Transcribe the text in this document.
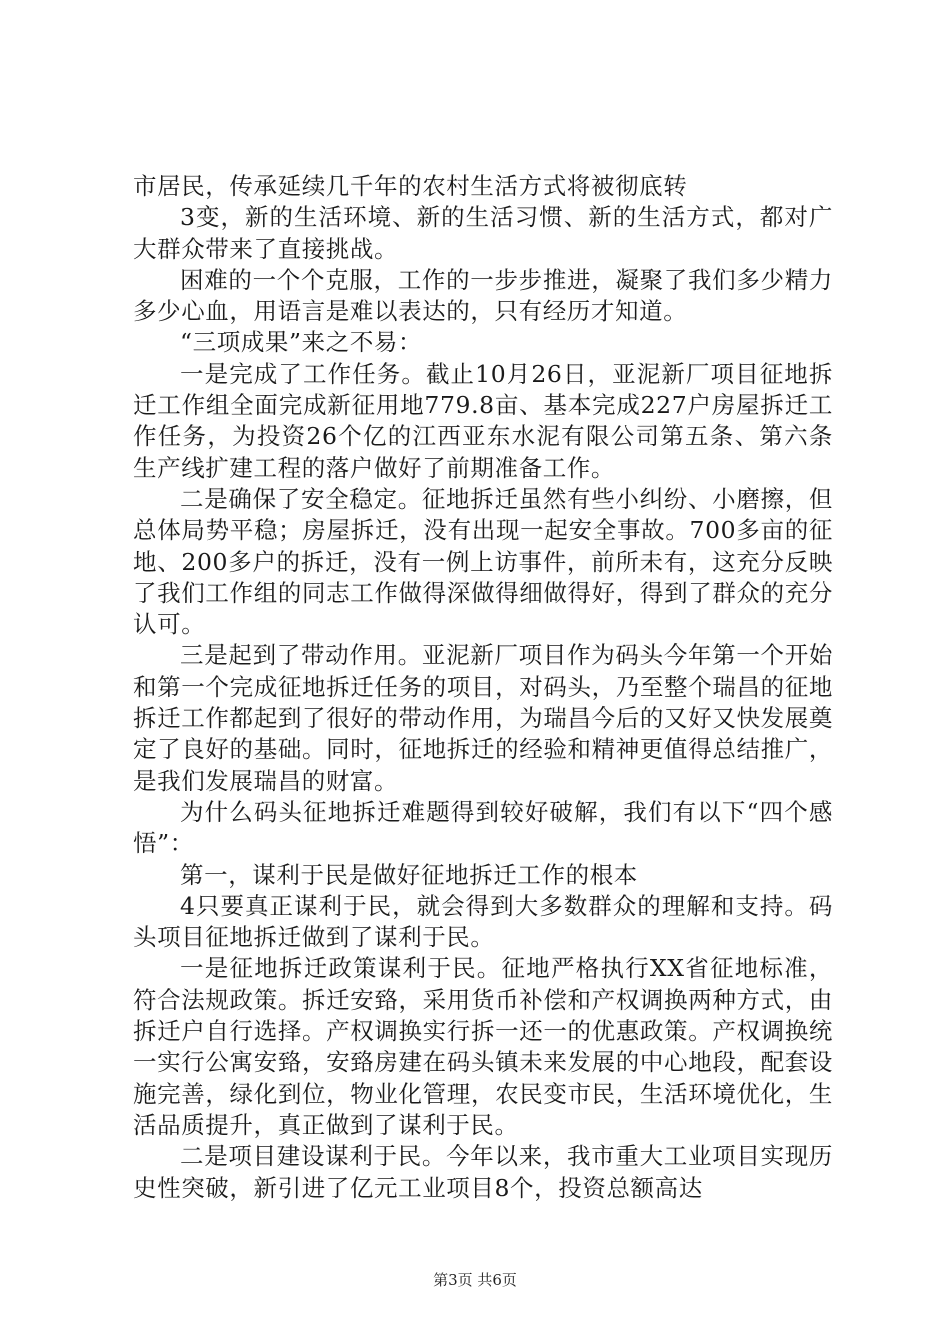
市居民，传承延续几千年的农村生活方式将被彻底转

3变，新的生活环境、新的生活习惯、新的生活方式，都对广大群众带来了直接挑战。

困难的一个个克服，工作的一步步推进，凝聚了我们多少精力多少心血，用语言是难以表达的，只有经历才知道。

“三项成果”来之不易：

一是完成了工作任务。截止10月26日，亚泥新厂项目征地拆迁工作组全面完成新征用地779.8亩、基本完成227户房屋拆迁工作任务，为投资26个亿的江西亚东水泥有限公司第五条、第六条生产线扩建工程的落户做好了前期准备工作。

二是确保了安全稳定。征地拆迁虽然有些小纠纷、小磨擦，但总体局势平稳；房屋拆迁，没有出现一起安全事故。700多亩的征地、200多户的拆迁，没有一例上访事件，前所未有，这充分反映了我们工作组的同志工作做得深做得细做得好，得到了群众的充分认可。

三是起到了带动作用。亚泥新厂项目作为码头今年第一个开始和第一个完成征地拆迁任务的项目，对码头，乃至整个瑞昌的征地拆迁工作都起到了很好的带动作用，为瑞昌今后的又好又快发展奠定了良好的基础。同时，征地拆迁的经验和精神更值得总结推广，是我们发展瑞昌的财富。

为什么码头征地拆迁难题得到较好破解，我们有以下“四个感悟”：

第一，谋利于民是做好征地拆迁工作的根本

4只要真正谋利于民，就会得到大多数群众的理解和支持。码头项目征地拆迁做到了谋利于民。

一是征地拆迁政策谋利于民。征地严格执行XX省征地标准，符合法规政策。拆迁安臵，采用货币补偿和产权调换两种方式，由拆迁户自行选择。产权调换实行拆一还一的优惠政策。产权调换统一实行公寓安臵，安臵房建在码头镇未来发展的中心地段，配套设施完善，绿化到位，物业化管理，农民变市民，生活环境优化，生活品质提升，真正做到了谋利于民。

二是项目建设谋利于民。今年以来，我市重大工业项目实现历史性突破，新引进了亿元工业项目8个，投资总额高达

第3页 共6页
